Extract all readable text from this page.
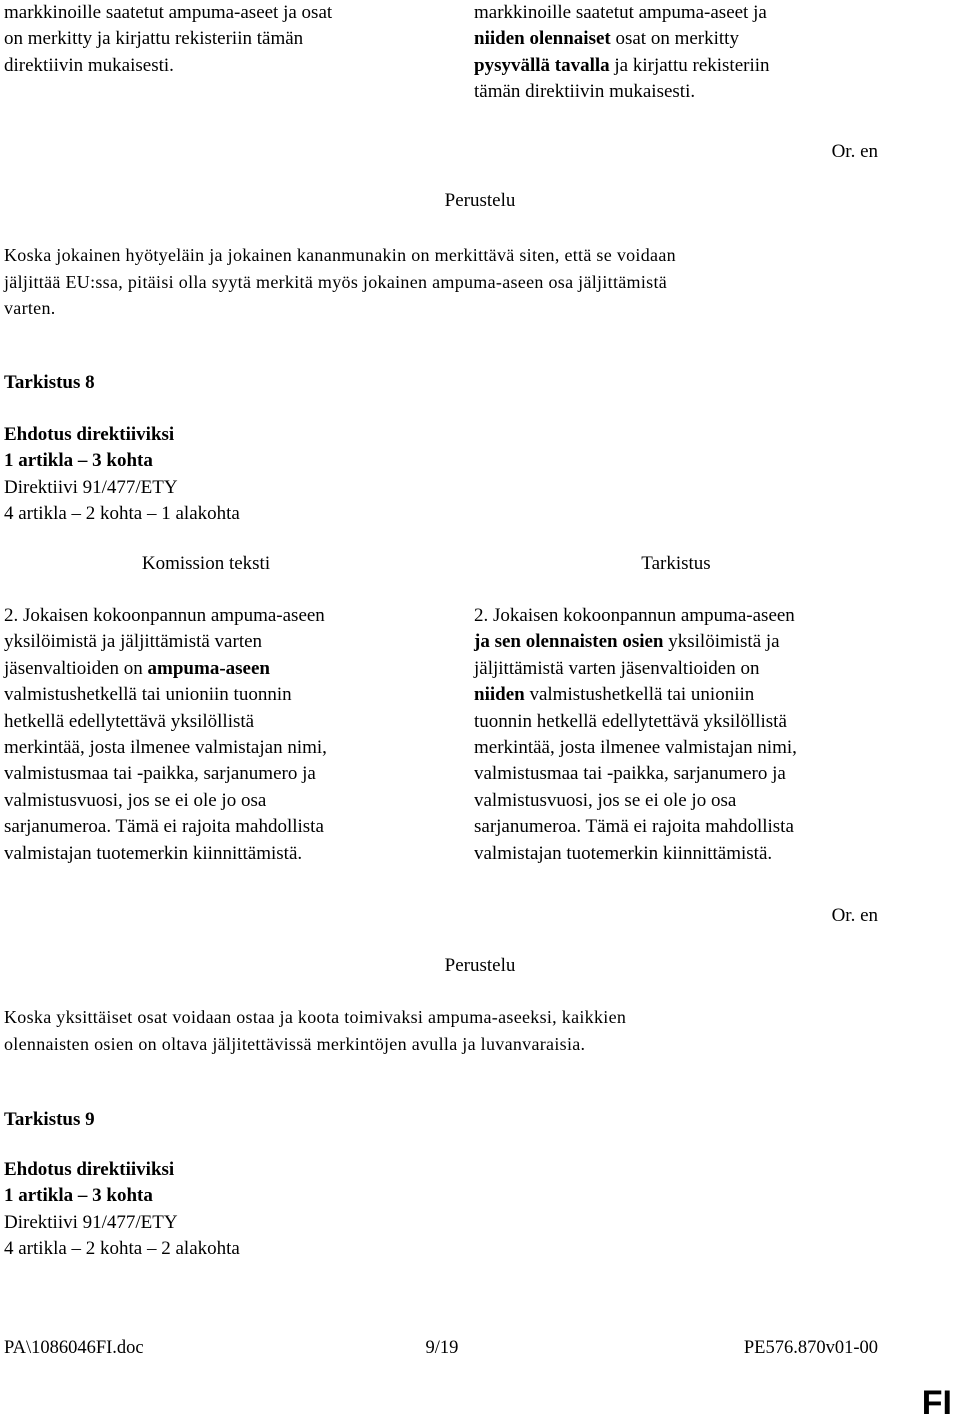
markkinoille saatetut ampuma-aseet ja osat
on merkitty ja kirjattu rekisteriin tämän
direktiivin mukaisesti.
markkinoille saatetut ampuma-aseet ja
niiden olennaiset osat on merkitty
pysyvällä tavalla ja kirjattu rekisteriin
tämän direktiivin mukaisesti.
Or. en
Perustelu
Koska jokainen hyötyeläin ja jokainen kananmunakin on merkittävä siten, että se voidaan
jäljittää EU:ssa, pitäisi olla syytä merkitä myös jokainen ampuma-aseen osa jäljittämistä
varten.
Tarkistus 8
Ehdotus direktiiviksi
1 artikla – 3 kohta
Direktiivi 91/477/ETY
4 artikla – 2 kohta – 1 alakohta
Komission teksti	Tarkistus
2. Jokaisen kokoonpannun ampuma-aseen
yksilöimistä ja jäljittämistä varten
jäsenvaltioiden on ampuma-aseen
valmistushetkellä tai unioniin tuonnin
hetkellä edellytettävä yksilöllistä
merkintää, josta ilmenee valmistajan nimi,
valmistusmaa tai -paikka, sarjanumero ja
valmistusvuosi, jos se ei ole jo osa
sarjanumeroa. Tämä ei rajoita mahdollista
valmistajan tuotemerkin kiinnittämistä.
2. Jokaisen kokoonpannun ampuma-aseen
ja sen olennaisten osien yksilöimistä ja
jäljittämistä varten jäsenvaltioiden on
niiden valmistushetkellä tai unioniin
tuonnin hetkellä edellytettävä yksilöllistä
merkintää, josta ilmenee valmistajan nimi,
valmistusmaa tai -paikka, sarjanumero ja
valmistusvuosi, jos se ei ole jo osa
sarjanumeroa. Tämä ei rajoita mahdollista
valmistajan tuotemerkin kiinnittämistä.
Or. en
Perustelu
Koska yksittäiset osat voidaan ostaa ja koota toimivaksi ampuma-aseeksi, kaikkien
olennaisten osien on oltava jäljitettävissä merkintöjen avulla ja luvanvaraisia.
Tarkistus 9
Ehdotus direktiiviksi
1 artikla – 3 kohta
Direktiivi 91/477/ETY
4 artikla – 2 kohta – 2 alakohta
PA\1086046FI.doc	9/19	PE576.870v01-00
FI
